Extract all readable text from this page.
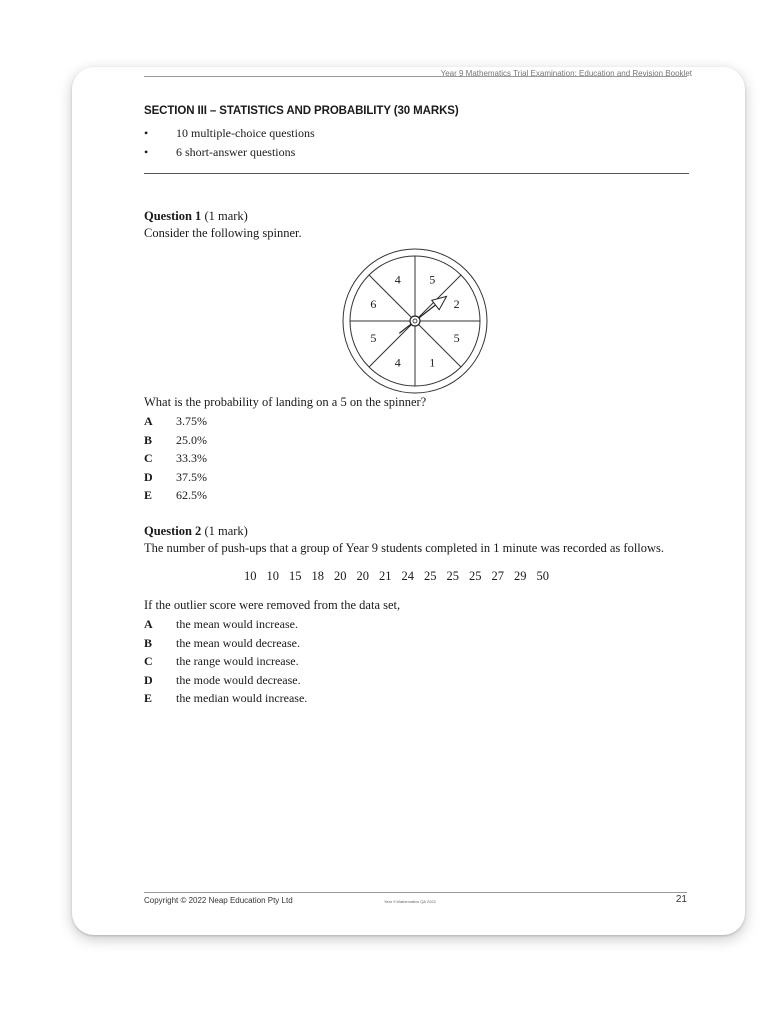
Year 9 Mathematics Trial Examination: Education and Revision Booklet
SECTION III – STATISTICS AND PROBABILITY (30 MARKS)
•	10 multiple-choice questions
•	6 short-answer questions
Question 1 (1 mark)
Consider the following spinner.
5
2
5
1
4
5
6
4
What is the probability of landing on a 5 on the spinner?
A	3.75%
B	25.0%
C	33.3%
D	37.5%
E	62.5%
Question 2 (1 mark)
The number of push-ups that a group of Year 9 students completed in 1 minute was recorded as follows.
10 10 15 18 20 20 21 24 25 25 25 27 29 50
If the outlier score were removed from the data set,
A	the mean would increase.
B	the mean would decrease.
C	the range would increase.
D	the mode would decrease.
E	the median would increase.
Copyright © 2022 Neap Education Pty Ltd	Year 9 Mathematics QA 2022	21
